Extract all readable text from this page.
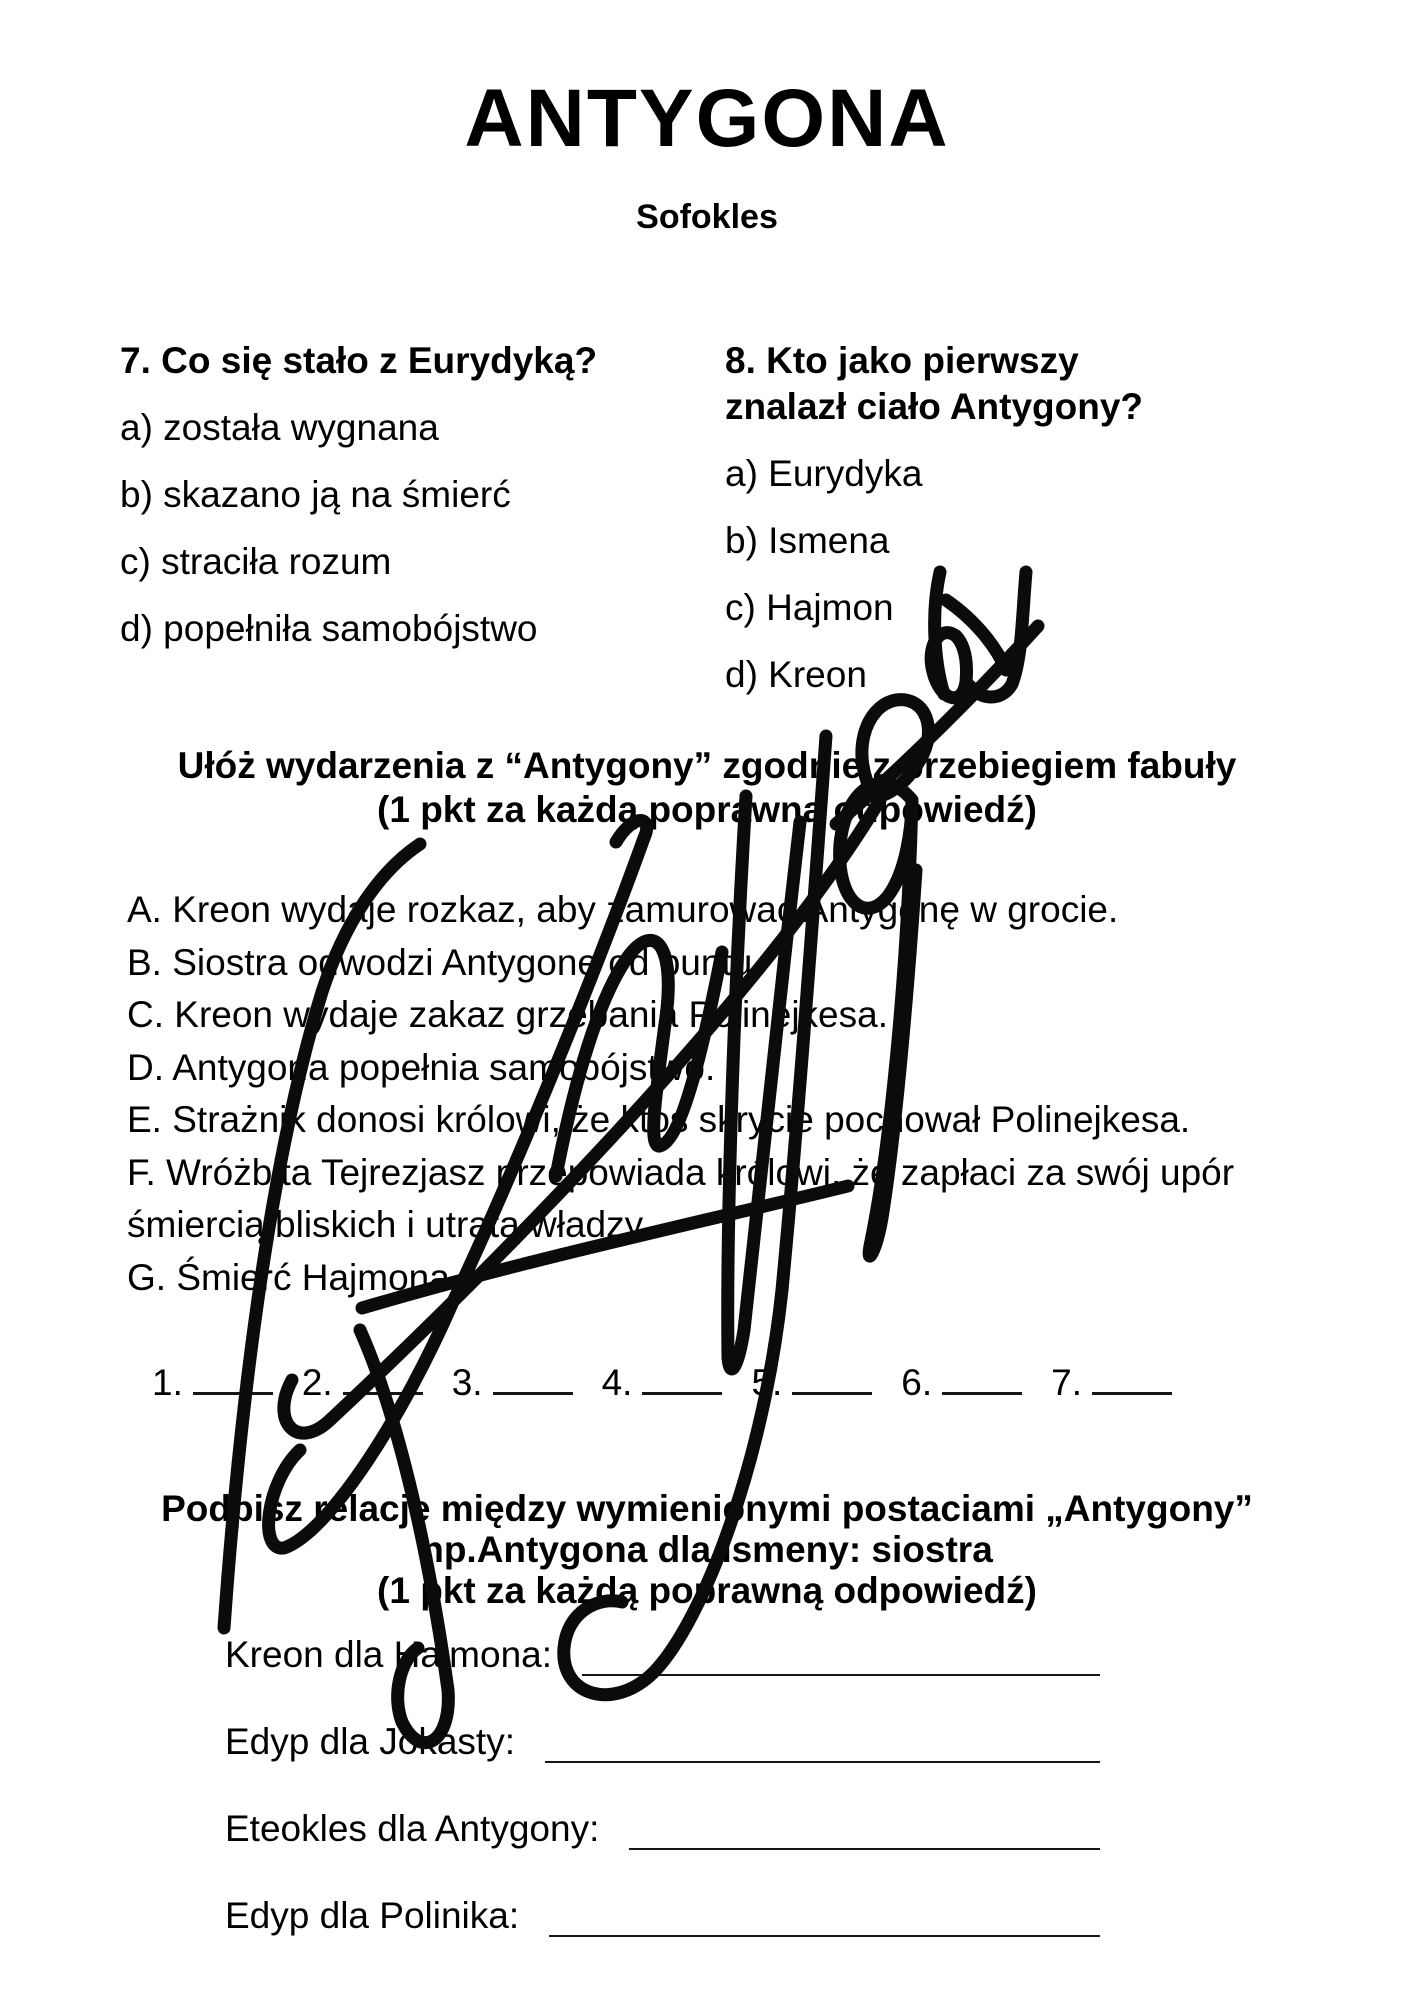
ANTYGONA
Sofokles
7. Co się stało z Eurydyką?
a) została wygnana
b) skazano ją na śmierć
c) straciła rozum
d) popełniła samobójstwo
8. Kto jako pierwszy znalazł ciało Antygony?
a) Eurydyka
b) Ismena
c) Hajmon
d) Kreon
Ułóż wydarzenia z “Antygony” zgodnie z przebiegiem fabuły
(1 pkt za każdą poprawną odpowiedź)
A. Kreon wydaje rozkaz, aby zamurować Antygonę w grocie.
B. Siostra odwodzi Antygonę od buntu.
C. Kreon wydaje zakaz grzebania Polinejkesa.
D. Antygona popełnia samobójstwo.
E. Strażnik donosi królowi, że ktoś skrycie pochował Polinejkesa.
F. Wróżbita Tejrezjasz przepowiada królowi, że zapłaci za swój upór śmiercią bliskich i utratą władzy.
G. Śmierć Hajmona.
1.	2.	3.	4.	5.	6.	7.
Podpisz relacje między wymienionymi postaciami „Antygony”
np.Antygona dla Ismeny: siostra
(1 pkt za każdą poprawną odpowiedź)
Kreon dla Hajmona:
Edyp dla Jokasty:
Eteokles dla Antygony:
Edyp dla Polinika:
